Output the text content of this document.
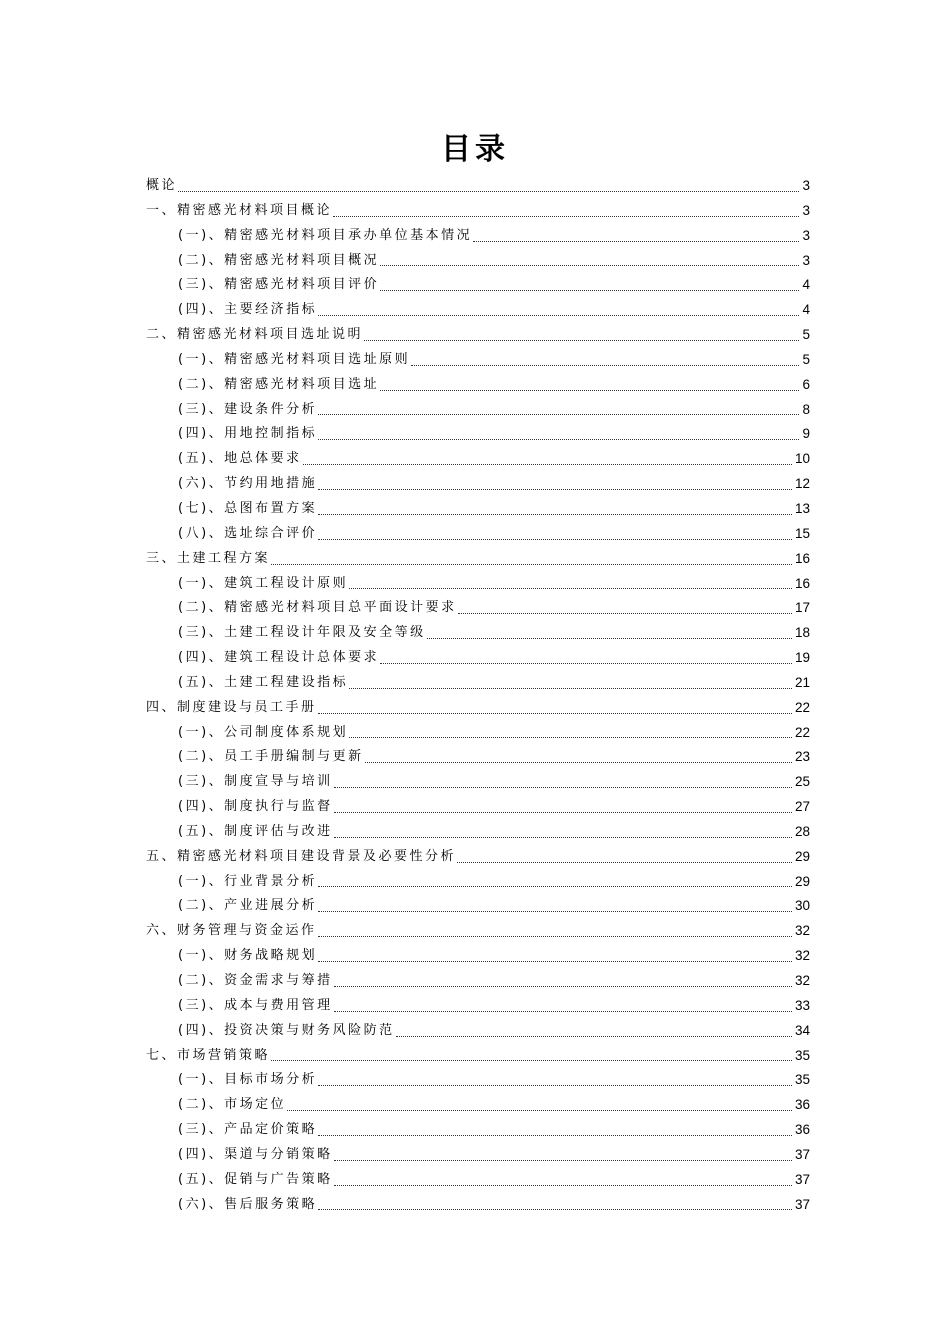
目录
概论	3
一、精密感光材料项目概论	3
(一)、精密感光材料项目承办单位基本情况	3
(二)、精密感光材料项目概况	3
(三)、精密感光材料项目评价	4
(四)、主要经济指标	4
二、精密感光材料项目选址说明	5
(一)、精密感光材料项目选址原则	5
(二)、精密感光材料项目选址	6
(三)、建设条件分析	8
(四)、用地控制指标	9
(五)、地总体要求	10
(六)、节约用地措施	12
(七)、总图布置方案	13
(八)、选址综合评价	15
三、土建工程方案	16
(一)、建筑工程设计原则	16
(二)、精密感光材料项目总平面设计要求	17
(三)、土建工程设计年限及安全等级	18
(四)、建筑工程设计总体要求	19
(五)、土建工程建设指标	21
四、制度建设与员工手册	22
(一)、公司制度体系规划	22
(二)、员工手册编制与更新	23
(三)、制度宣导与培训	25
(四)、制度执行与监督	27
(五)、制度评估与改进	28
五、精密感光材料项目建设背景及必要性分析	29
(一)、行业背景分析	29
(二)、产业进展分析	30
六、财务管理与资金运作	32
(一)、财务战略规划	32
(二)、资金需求与筹措	32
(三)、成本与费用管理	33
(四)、投资决策与财务风险防范	34
七、市场营销策略	35
(一)、目标市场分析	35
(二)、市场定位	36
(三)、产品定价策略	36
(四)、渠道与分销策略	37
(五)、促销与广告策略	37
(六)、售后服务策略	37
